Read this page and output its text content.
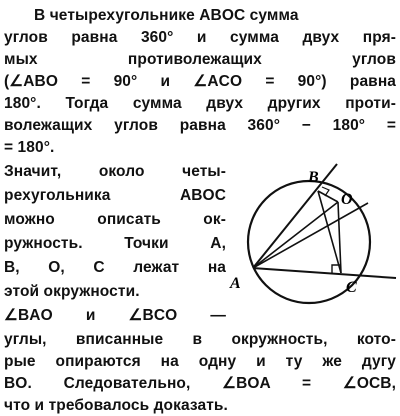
В четырехугольнике ABOC сумма
углов равна 360° и сумма двух пря-
мых противолежащих углов
(∠ABO = 90° и ∠ACO = 90°) равна
180°. Тогда сумма двух других проти-
волежащих углов равна 360° − 180° =
= 180°.
Значит, около четы-
рехугольника ABOC
можно описать ок-
ружность. Точки A,
B, O, C лежат на
этой окружности.
∠BAO и ∠BCO —
углы, вписанные в окружность, кото-
рые опираются на одну и ту же дугу
BO. Следовательно, ∠BOA = ∠OCB,
что и требовалось доказать.
A
B
O
C
